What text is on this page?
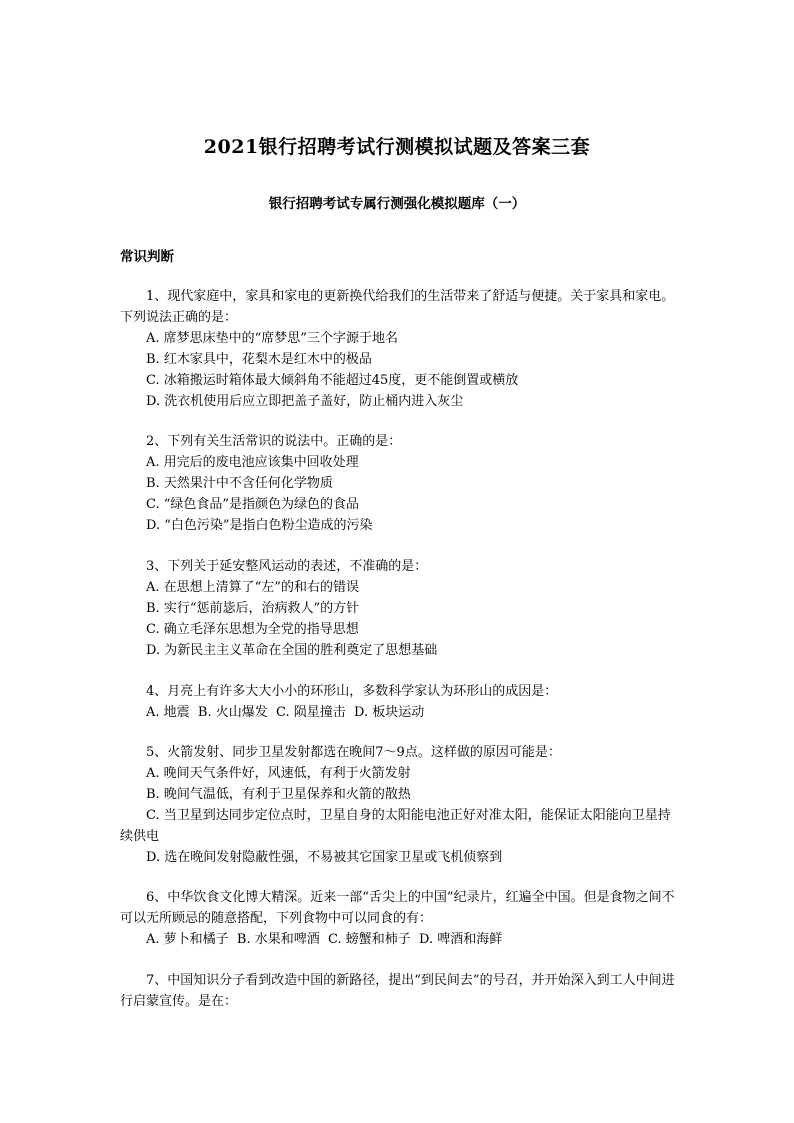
2021银行招聘考试行测模拟试题及答案三套
银行招聘考试专属行测强化模拟题库（一）
常识判断

1、现代家庭中，家具和家电的更新换代给我们的生活带来了舒适与便捷。关于家具和家电。下列说法正确的是：

A. 席梦思床垫中的“席梦思”三个字源于地名

B. 红木家具中，花梨木是红木中的极品

C. 冰箱搬运时箱体最大倾斜角不能超过45度，更不能倒置或横放

D. 洗衣机使用后应立即把盖子盖好，防止桶内进入灰尘

2、下列有关生活常识的说法中。正确的是：

A. 用完后的废电池应该集中回收处理

B. 天然果汁中不含任何化学物质

C. “绿色食品”是指颜色为绿色的食品

D. “白色污染”是指白色粉尘造成的污染

3、下列关于延安整风运动的表述，不准确的是：

A. 在思想上清算了“左”的和右的错误

B. 实行“惩前毖后，治病救人”的方针

C. 确立毛泽东思想为全党的指导思想

D. 为新民主主义革命在全国的胜利奠定了思想基础

4、月亮上有许多大大小小的环形山，多数科学家认为环形山的成因是：

A. 地震  B. 火山爆发  C. 陨星撞击  D. 板块运动

5、火箭发射、同步卫星发射都选在晚间7～9点。这样做的原因可能是：

A. 晚间天气条件好，风速低，有利于火箭发射

B. 晚间气温低，有利于卫星保养和火箭的散热

C. 当卫星到达同步定位点时，卫星自身的太阳能电池正好对准太阳，能保证太阳能向卫星持续供电

D. 选在晚间发射隐蔽性强，不易被其它国家卫星或飞机侦察到

6、中华饮食文化博大精深。近来一部“舌尖上的中国”纪录片，红遍全中国。但是食物之间不可以无所顾忌的随意搭配，下列食物中可以同食的有：

A. 萝卜和橘子  B. 水果和啤酒  C. 螃蟹和柿子  D. 啤酒和海鲜

7、中国知识分子看到改造中国的新路径，提出“到民间去”的号召，并开始深入到工人中间进行启蒙宣传。是在：
